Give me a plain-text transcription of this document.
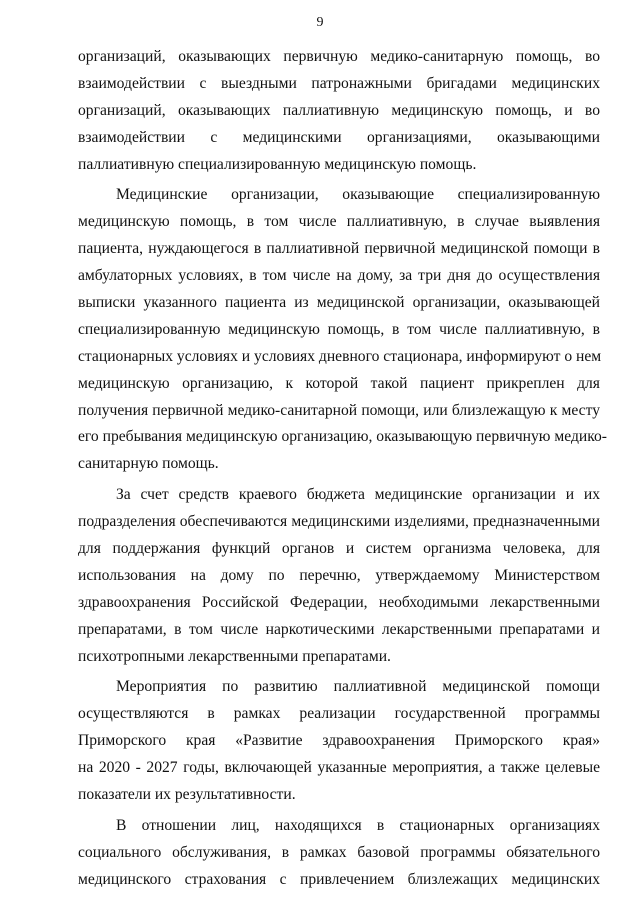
9
организаций, оказывающих первичную медико-санитарную помощь, во
взаимодействии с выездными патронажными бригадами медицинских
организаций, оказывающих паллиативную медицинскую помощь, и во
взаимодействии с медицинскими организациями, оказывающими
паллиативную специализированную медицинскую помощь.
Медицинские организации, оказывающие специализированную
медицинскую помощь, в том числе паллиативную, в случае выявления
пациента, нуждающегося в паллиативной первичной медицинской помощи в
амбулаторных условиях, в том числе на дому, за три дня до осуществления
выписки указанного пациента из медицинской организации, оказывающей
специализированную медицинскую помощь, в том числе паллиативную, в
стационарных условиях и условиях дневного стационара, информируют о нем
медицинскую организацию, к которой такой пациент прикреплен для
получения первичной медико-санитарной помощи, или близлежащую к месту
его пребывания медицинскую организацию, оказывающую первичную медико-
санитарную помощь.
За счет средств краевого бюджета медицинские организации и их
подразделения обеспечиваются медицинскими изделиями, предназначенными
для поддержания функций органов и систем организма человека, для
использования на дому по перечню, утверждаемому Министерством
здравоохранения Российской Федерации, необходимыми лекарственными
препаратами, в том числе наркотическими лекарственными препаратами и
психотропными лекарственными препаратами.
Мероприятия по развитию паллиативной медицинской помощи
осуществляются в рамках реализации государственной программы
Приморского края «Развитие здравоохранения Приморского края»
на 2020 - 2027 годы, включающей указанные мероприятия, а также целевые
показатели их результативности.
В отношении лиц, находящихся в стационарных организациях
социального обслуживания, в рамках базовой программы обязательного
медицинского страхования с привлечением близлежащих медицинских
